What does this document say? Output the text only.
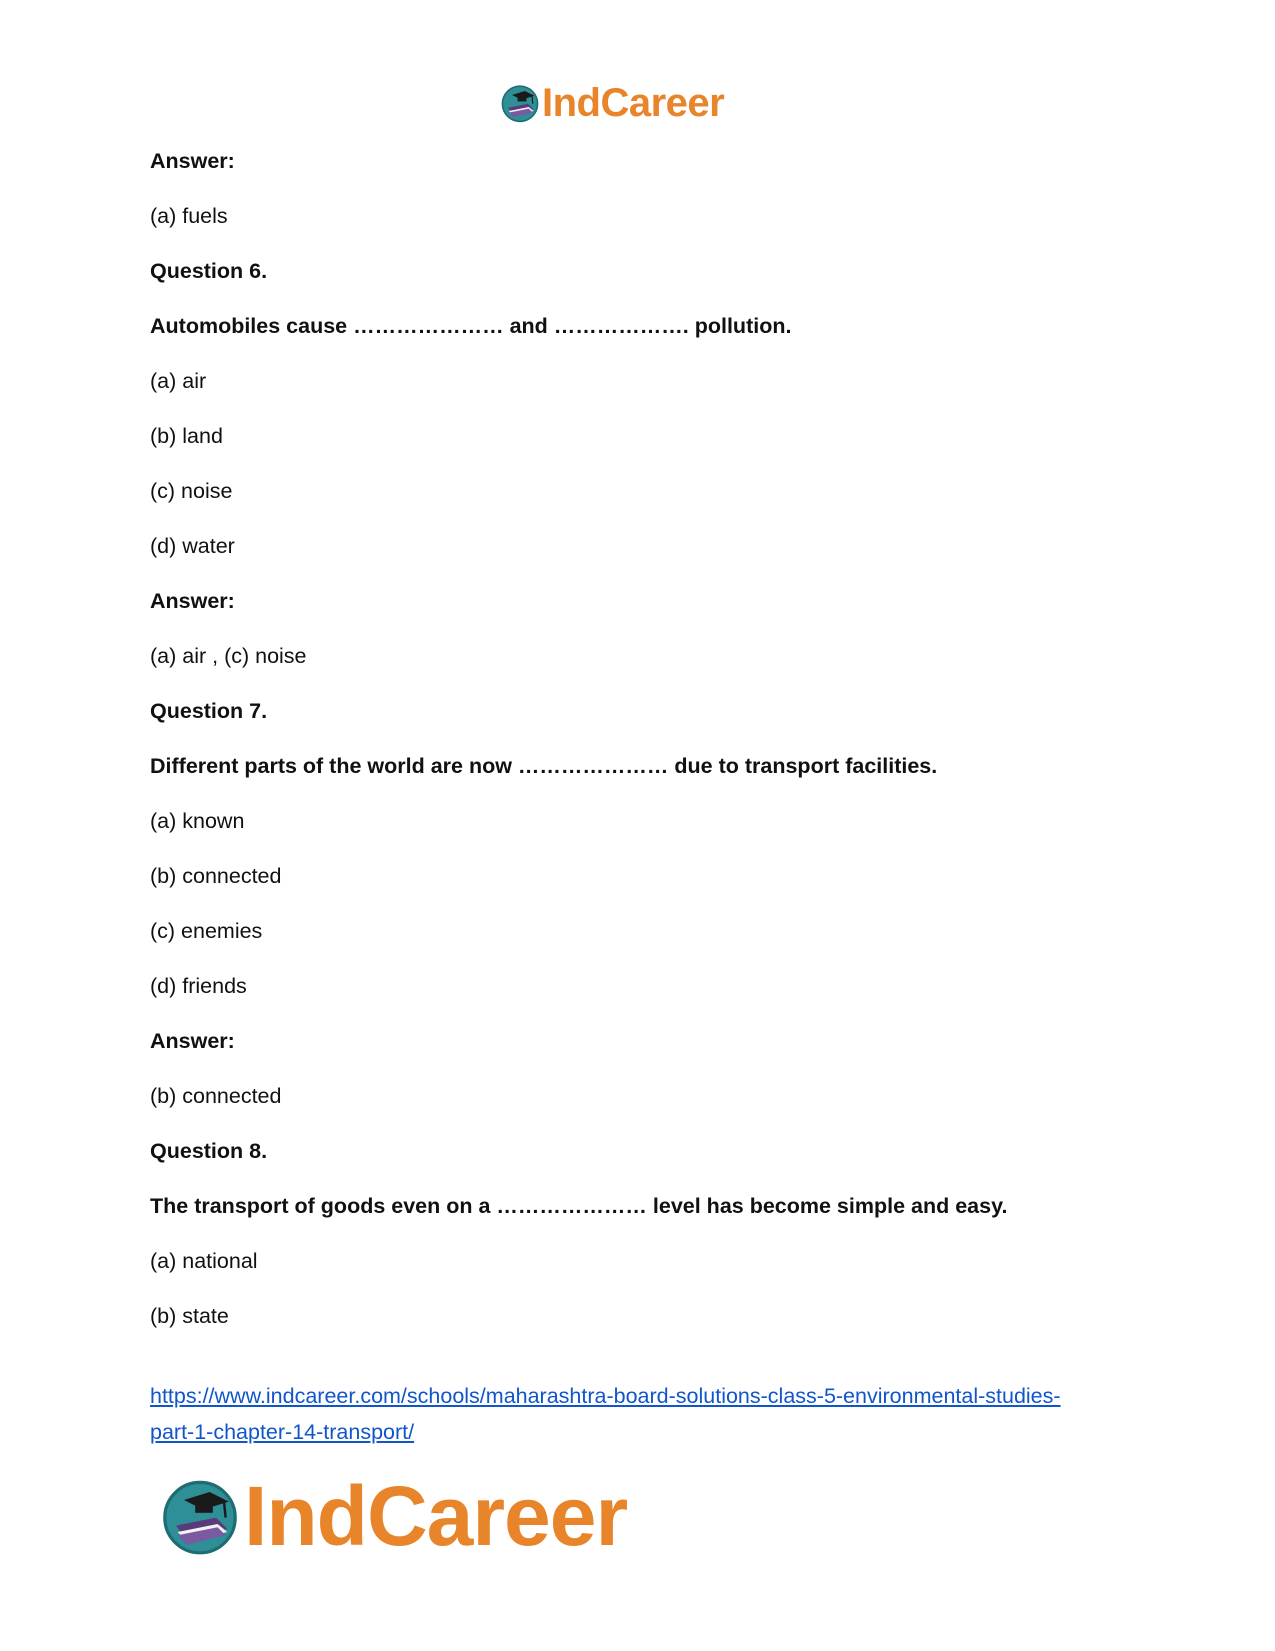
IndCareer
Answer:
(a) fuels
Question 6.
Automobiles cause ………………… and ………………. pollution.
(a) air
(b) land
(c) noise
(d) water
Answer:
(a) air , (c) noise
Question 7.
Different parts of the world are now ………………… due to transport facilities.
(a) known
(b) connected
(c) enemies
(d) friends
Answer:
(b) connected
Question 8.
The transport of goods even on a ………………… level has become simple and easy.
(a) national
(b) state
https://www.indcareer.com/schools/maharashtra-board-solutions-class-5-environmental-studies-
part-1-chapter-14-transport/
IndCareer
